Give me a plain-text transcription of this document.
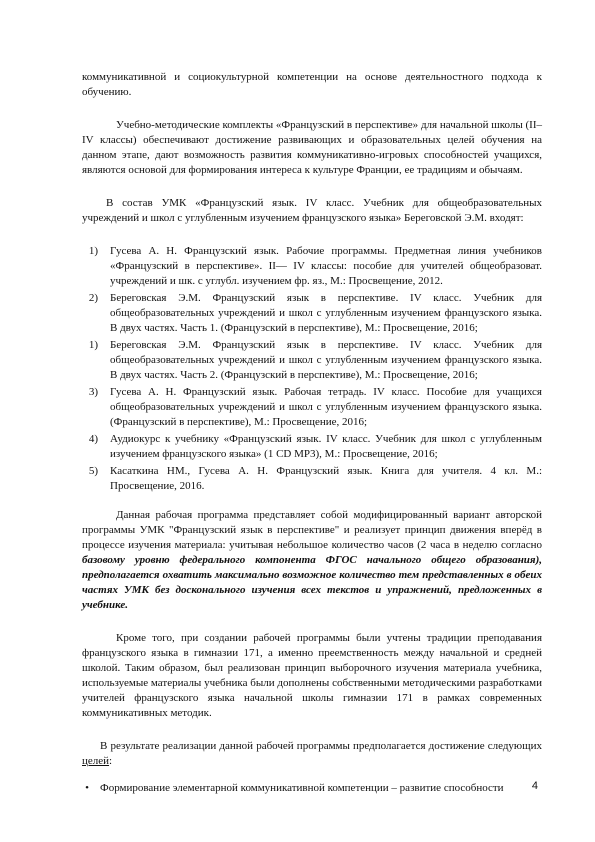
коммуникативной и социокультурной компетенции на основе деятельностного подхода к обучению.

Учебно-методические комплекты «Французский в перспективе» для начальной школы (II–IV классы) обеспечивают достижение развивающих и образовательных целей обучения на данном этапе, дают возможность развития коммуникативно-игровых способностей учащихся, являются основой для формирования интереса к культуре Франции, ее традициям и обычаям.

В состав УМК «Французский язык. IV класс. Учебник для общеобразовательных учреждений и школ с углубленным изучением французского языка» Береговской Э.М. входят:

1)	Гусева А. Н. Французский язык. Рабочие программы. Предметная линия учебников «Французский в перспективе». II— IV классы: пособие для учителей общеобразоват. учреждений и шк. с углубл. изучением фр. яз., М.: Просвещение, 2012.
2)	Береговская Э.М. Французский язык в перспективе. IV класс. Учебник для общеобразовательных учреждений и школ с углубленным изучением французского языка. В двух частях. Часть 1. (Французский в перспективе), М.: Просвещение, 2016;
1)	Береговская Э.М. Французский язык в перспективе. IV класс. Учебник для общеобразовательных учреждений и школ с углубленным изучением французского языка. В двух частях. Часть 2. (Французский в перспективе), М.: Просвещение, 2016;
3)	Гусева А. Н. Французский язык. Рабочая тетрадь. IV класс. Пособие для учащихся общеобразовательных учреждений и школ с углубленным изучением французского языка. (Французский в перспективе), М.: Просвещение, 2016;
4)	Аудиокурс к учебнику «Французский язык. IV класс. Учебник для школ с углубленным изучением французского языка» (1 CD MP3), М.: Просвещение, 2016;
5)	Касаткина НМ., Гусева А. Н. Французский язык. Книга для учителя. 4 кл. М.: Просвещение, 2016.

Данная рабочая программа представляет собой модифицированный вариант авторской программы УМК "Французский язык в перспективе" и реализует принцип движения вперёд в процессе изучения материала: учитывая небольшое количество часов (2 часа в неделю согласно базовому уровню федерального компонента ФГОС начального общего образования), предполагается охватить максимально возможное количество тем представленных в обеих частях УМК без досконального изучения всех текстов и упражнений, предложенных в учебнике.

Кроме того, при создании рабочей программы были учтены традиции преподавания французского языка в гимназии 171, а именно преемственность между начальной и средней школой. Таким образом, был реализован принцип выборочного изучения материала учебника, используемые материалы учебника были дополнены собственными методическими разработками учителей французского языка начальной школы гимназии 171 в рамках современных коммуникативных методик.

В результате реализации данной рабочей программы предполагается достижение следующих целей:

• Формирование элементарной коммуникативной компетенции – развитие способности	4
